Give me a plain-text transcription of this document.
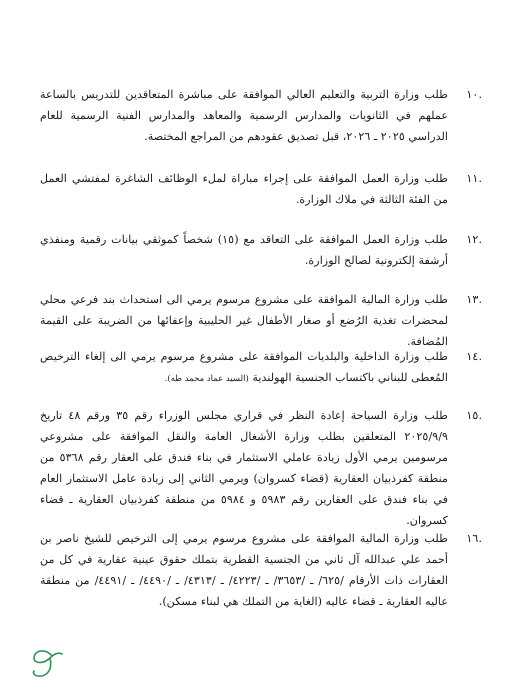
.١٠
طلب وزارة التربية والتعليم العالي الموافقة على مباشرة المتعاقدين للتدريس بالساعة عملهم في الثانويات والمدارس الرسمية والمعاهد والمدارس الفنية الرسمية للعام الدراسي ٢٠٢٥ ـ ٢٠٢٦، قبل تصديق عقودهم من المراجع المختصة.
.١١
طلب وزارة العمل الموافقة على إجراء مباراة لملء الوظائف الشاغرة لمفتشي العمل من الفئة الثالثة في ملاك الوزارة.
.١٢
طلب وزارة العمل الموافقة على التعاقد مع (١٥) شخصاً كموثقي بيانات رقمية ومنفذي أرشفة إلكترونية لصالح الوزارة.
.١٣
طلب وزارة المالية الموافقة على مشروع مرسوم يرمي الى استحداث بند فرعي محلي لمحضرات تغذية الرُضع أو صغار الأطفال غير الحليبية وإعفائها من الضريبة على القيمة المُضافة.
.١٤
طلب وزارة الداخلية والبلديات الموافقة على مشروع مرسوم يرمي الى إلغاء الترخيص المُعطى للبناني باكتساب الجنسية الهولندية (السيد عماد محمد طه).
.١٥
طلب وزارة السياحة إعادة النظر في قراري مجلس الوزراء رقم ٣٥ ورقم ٤٨ تاريخ ٢٠٢٥/٩/٩ المتعلقين بطلب وزارة الأشغال العامة والنقل الموافقة على مشروعي مرسومين يرمي الأول زيادة عاملي الاستثمار في بناء فندق على العقار رقم ٥٣٦٨ من منطقة كفرذبيان العقارية (قضاء كسروان) ويرمي الثاني إلى زيادة عامل الاستثمار العام في بناء فندق على العقارين رقم ٥٩٨٣ و ٥٩٨٤ من منطقة كفرذبيان العقارية ـ قضاء كسروان.
.١٦
طلب وزارة المالية الموافقة على مشروع مرسوم يرمي إلى الترخيص للشيخ ناصر بن أحمد علي عبدالله آل ثاني من الجنسية القطرية بتملك حقوق عينية عقارية في كل من العقارات ذات الأرقام /٦٢٥/ ـ /٣٦٥٣/ ـ /٤٢٢٣/ ـ /٤٣١٣/ ـ /٤٤٩٠/ ـ /٤٤٩١/ من منطقة عاليه العقارية ـ قضاء عاليه (الغاية من التملك هي لبناء مسكن).
